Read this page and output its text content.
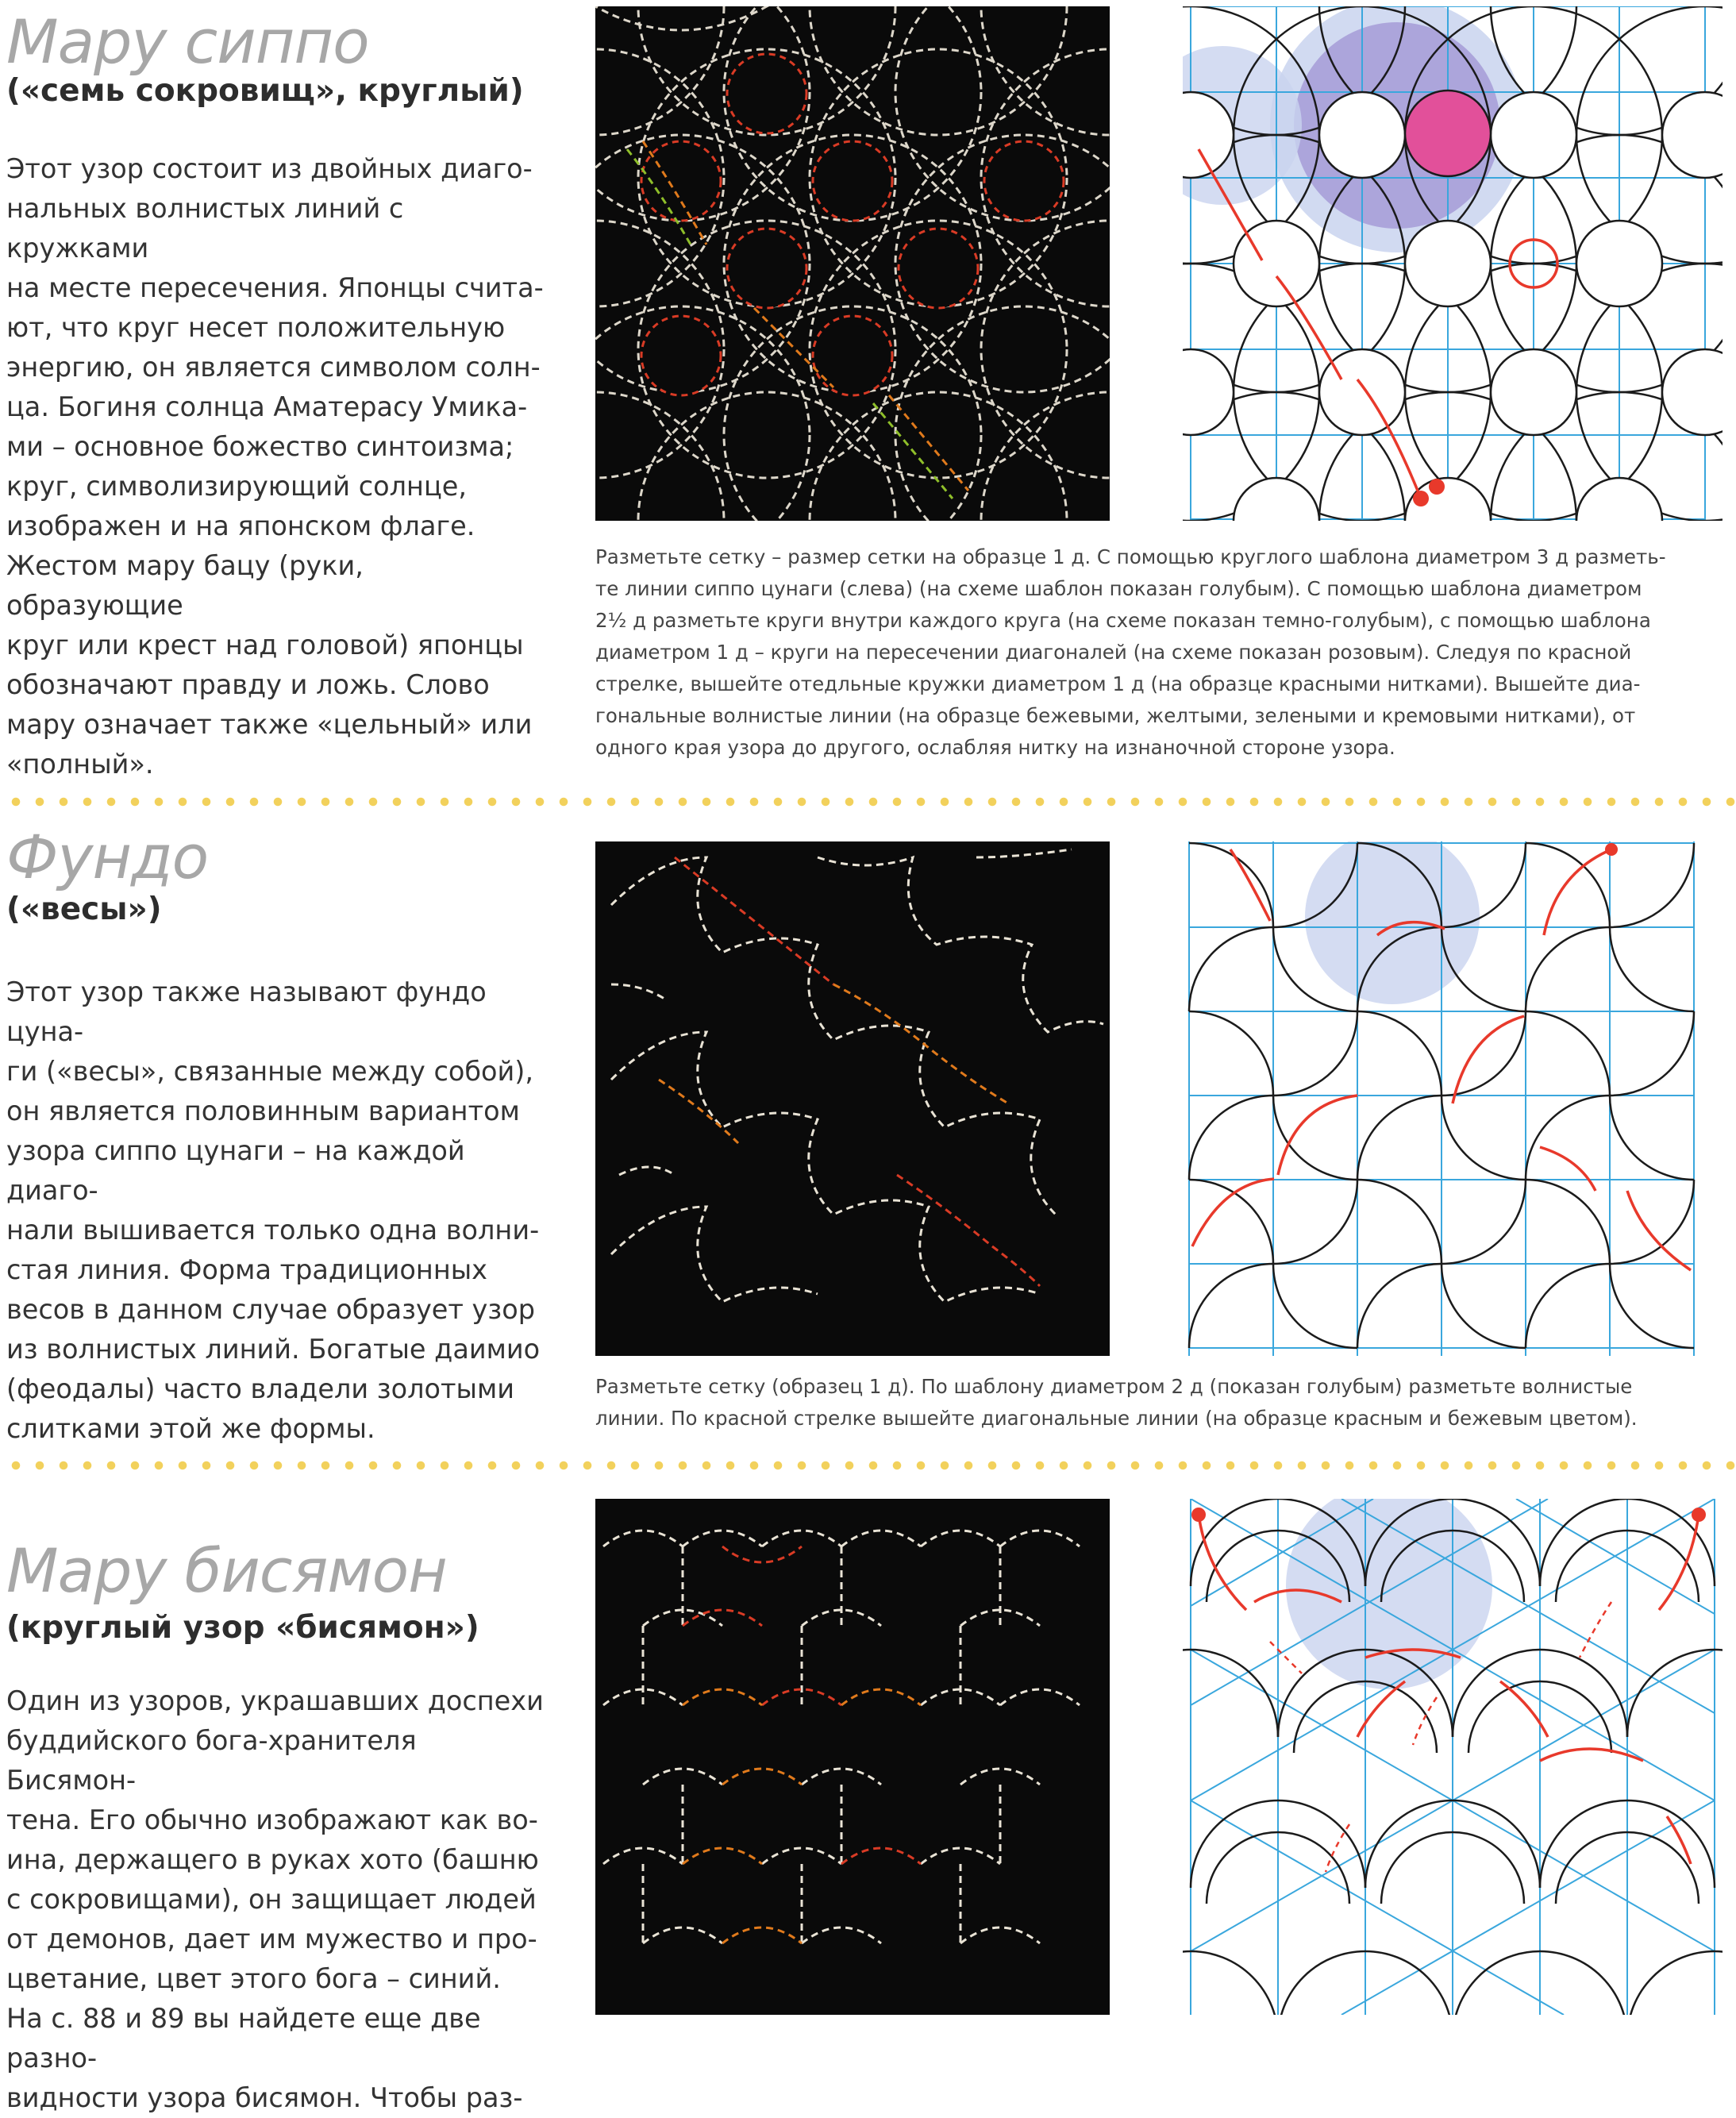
Мару сиппо
(«семь сокровищ», круглый)
Этот узор состоит из двойных диаго-
нальных волнистых линий с кружками
на месте пересечения. Японцы счита-
ют, что круг несет положительную
энергию, он является символом солн-
ца. Богиня солнца Аматерасу Умика-
ми – основное божество синтоизма;
круг, символизирующий солнце,
изображен и на японском флаге.
Жестом мару бацу (руки, образующие
круг или крест над головой) японцы
обозначают правду и ложь. Слово
мару означает также «цельный» или
«полный».
Разметьте сетку – размер сетки на образце 1 д. С помощью круглого шаблона диаметром 3 д разметь-
те линии сиппо цунаги (слева) (на схеме шаблон показан голубым). С помощью шаблона диаметром
2½ д разметьте круги внутри каждого круга (на схеме показан темно-голубым), с помощью шаблона
диаметром 1 д – круги на пересечении диагоналей (на схеме показан розовым). Следуя по красной
стрелке, вышейте отедльные кружки диаметром 1 д (на образце красными нитками). Вышейте диа-
гональные волнистые линии (на образце бежевыми, желтыми, зелеными и кремовыми нитками), от
одного края узора до другого, ослабляя нитку на изнаночной стороне узора.
Фундо
(«весы»)
Этот узор также называют фундо цуна-
ги («весы», связанные между собой),
он является половинным вариантом
узора сиппо цунаги – на каждой диаго-
нали вышивается только одна волни-
стая линия. Форма традиционных
весов в данном случае образует узор
из волнистых линий. Богатые даимио
(феодалы) часто владели золотыми
слитками этой же формы.
Разметьте сетку (образец 1 д). По шаблону диаметром 2 д (показан голубым) разметьте волнистые
линии. По красной стрелке вышейте диагональные линии (на образце красным и бежевым цветом).
Мару бисямон
(круглый узор «бисямон»)
Один из узоров, украшавших доспехи
буддийского бога-хранителя Бисямон-
тена. Его обычно изображают как во-
ина, держащего в руках хото (башню
с сокровищами), он защищает людей
от демонов, дает им мужество и про-
цветание, цвет этого бога – синий.
На с. 88 и 89 вы найдете еще две разно-
видности узора бисямон. Чтобы раз-
